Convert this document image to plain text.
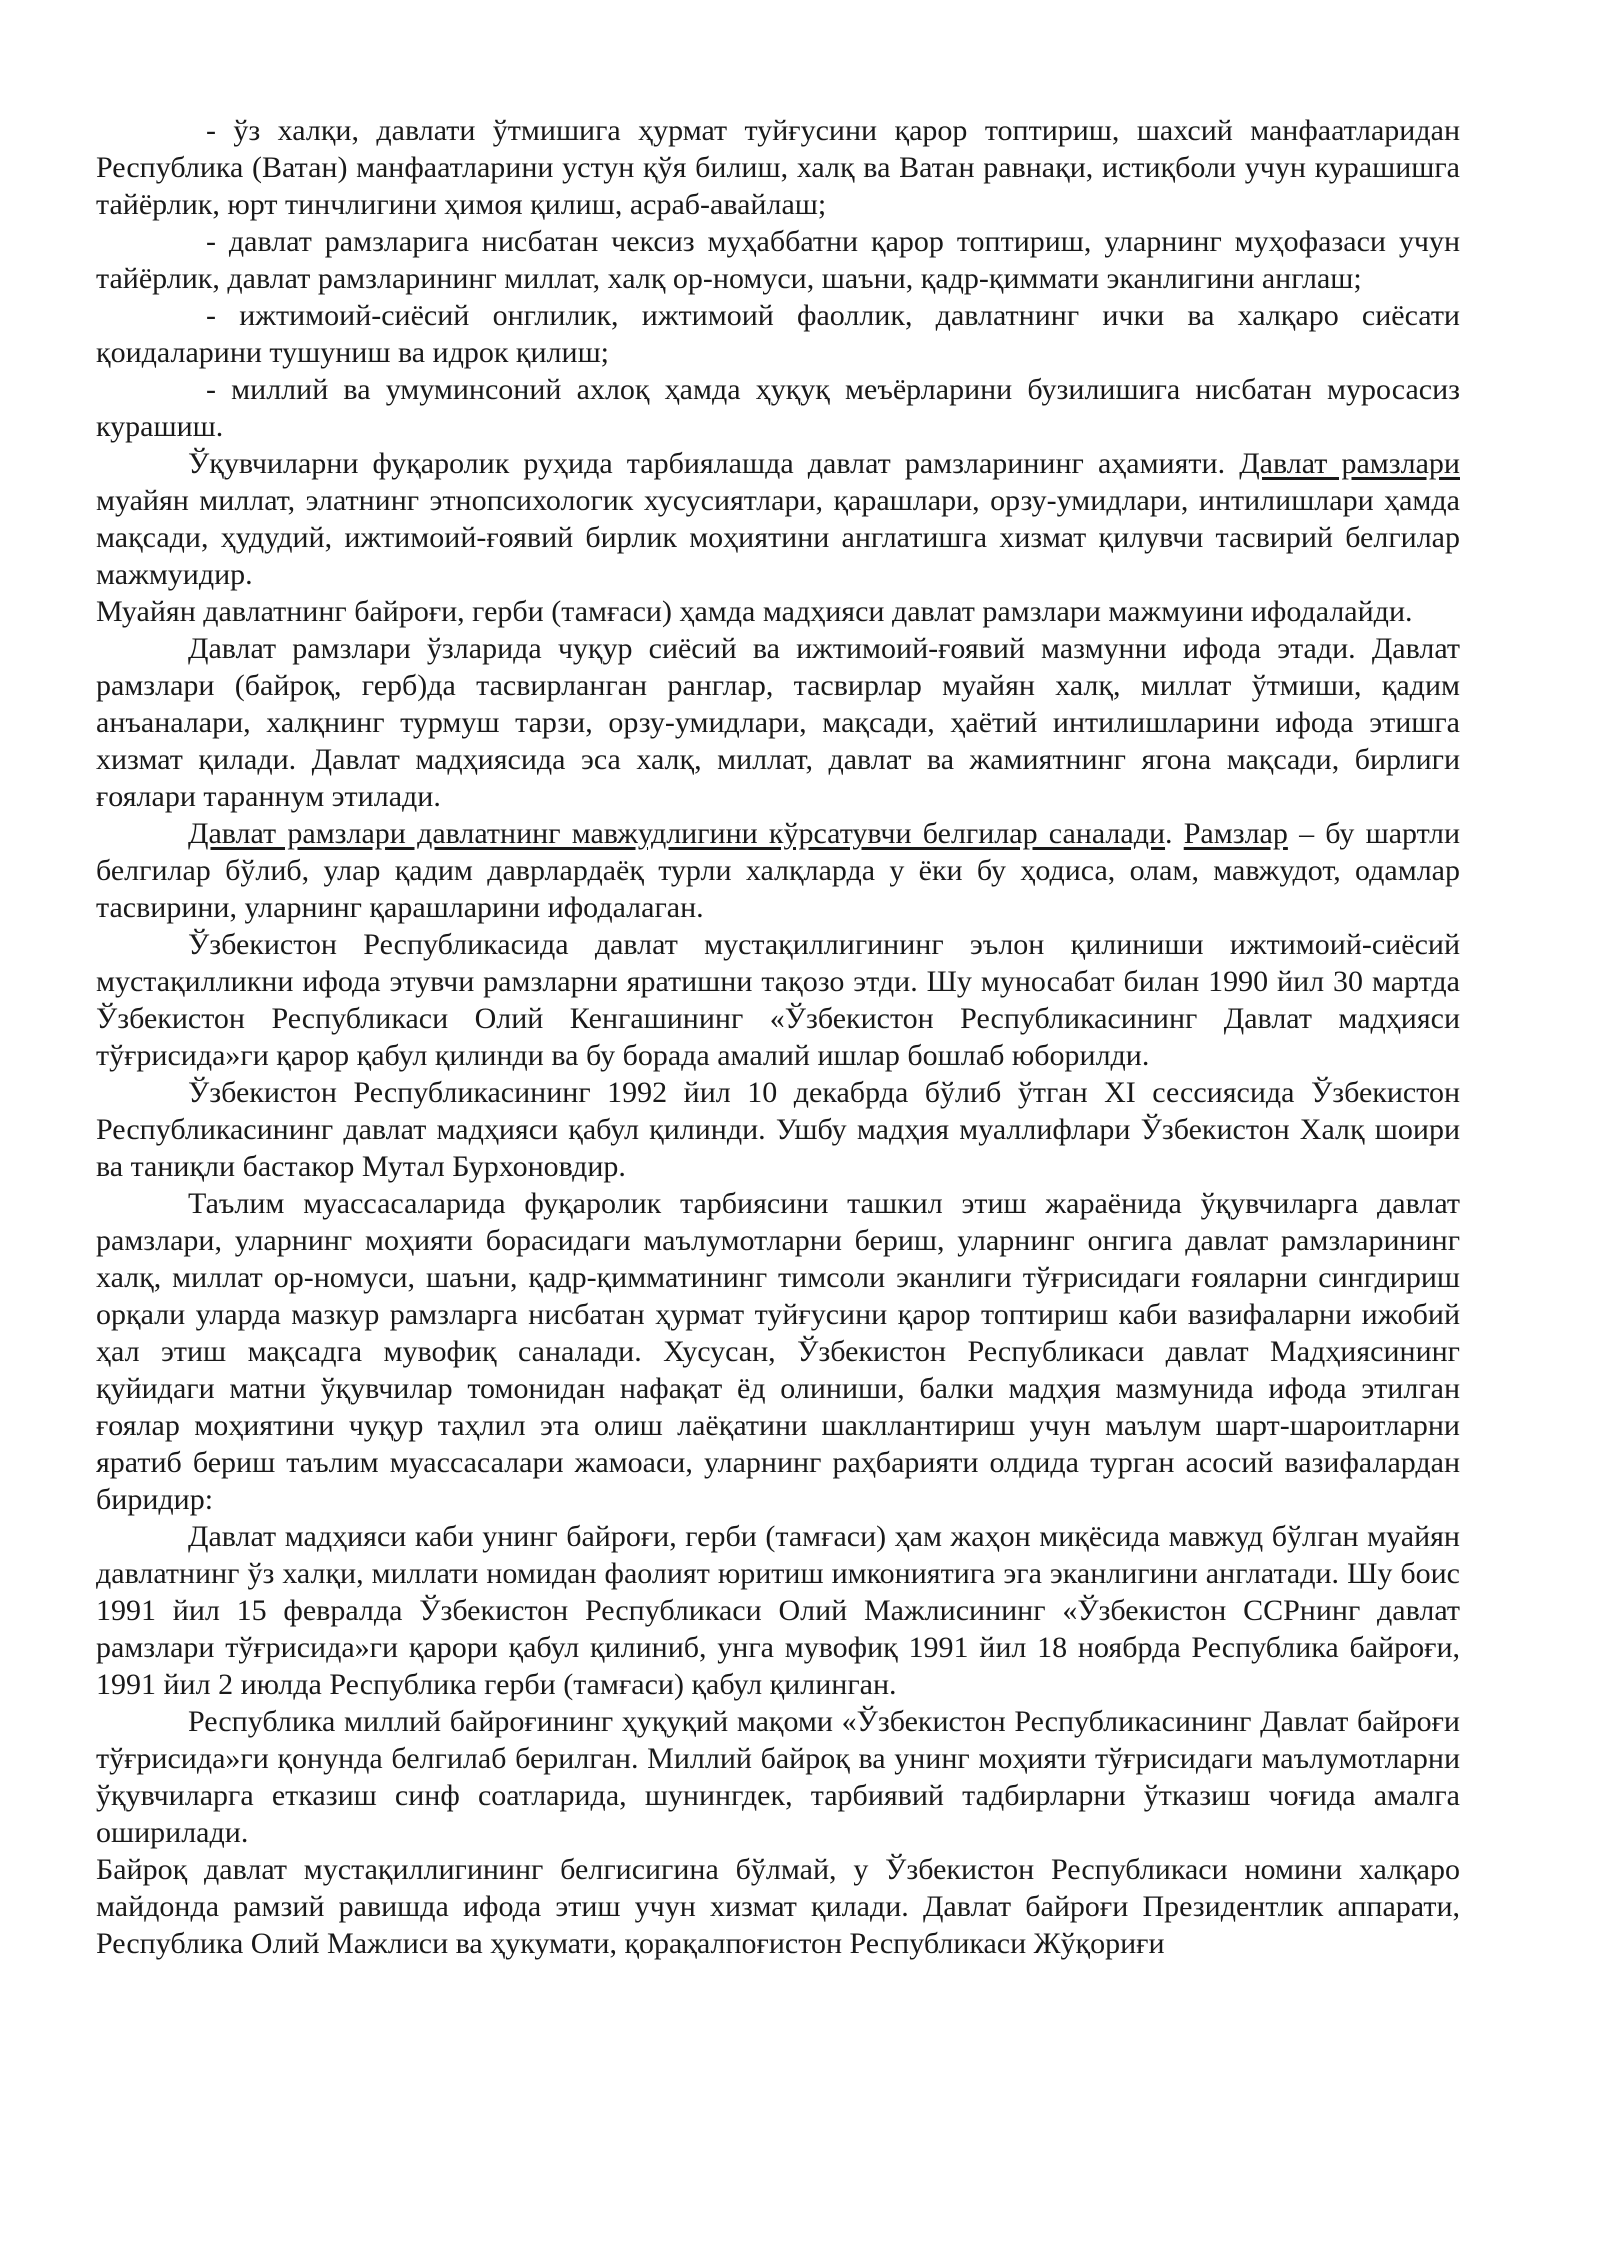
- ўз халқи, давлати ўтмишига ҳурмат туйғусини қарор топтириш, шахсий манфаатларидан Республика (Ватан) манфаатларини устун қўя билиш, халқ ва Ватан равнақи, истиқболи учун курашишга тайёрлик, юрт тинчлигини ҳимоя қилиш, асраб-авайлаш;

- давлат рамзларига нисбатан чексиз муҳаббатни қарор топтириш, уларнинг муҳофазаси учун тайёрлик, давлат рамзларининг миллат, халқ ор-номуси, шаъни, қадр-қиммати эканлигини англаш;

- ижтимоий-сиёсий онглилик, ижтимоий фаоллик, давлатнинг ички ва халқаро сиёсати қоидаларини тушуниш ва идрок қилиш;

- миллий ва умуминсоний ахлоқ ҳамда ҳуқуқ меъёрларини бузилишига нисбатан муросасиз курашиш.

Ўқувчиларни фуқаролик руҳида тарбиялашда давлат рамзларининг аҳамияти. Давлат рамзлари муайян миллат, элатнинг этнопсихологик хусусиятлари, қарашлари, орзу-умидлари, интилишлари ҳамда мақсади, ҳудудий, ижтимоий-ғоявий бирлик моҳиятини англатишга хизмат қилувчи тасвирий белгилар мажмуидир.

Муайян давлатнинг байроғи, герби (тамғаси) ҳамда мадҳияси давлат рамзлари мажмуини ифодалайди.

Давлат рамзлари ўзларида чуқур сиёсий ва ижтимоий-ғоявий мазмунни ифода этади. Давлат рамзлари (байроқ, герб)да тасвирланган ранглар, тасвирлар муайян халқ, миллат ўтмиши, қадим анъаналари, халқнинг турмуш тарзи, орзу-умидлари, мақсади, ҳаётий интилишларини ифода этишга хизмат қилади. Давлат мадҳиясида эса халқ, миллат, давлат ва жамиятнинг ягона мақсади, бирлиги ғоялари тараннум этилади.

Давлат рамзлари давлатнинг мавжудлигини кўрсатувчи белгилар саналади. Рамзлар – бу шартли белгилар бўлиб, улар қадим даврлардаёқ турли халқларда у ёки бу ҳодиса, олам, мавжудот, одамлар тасвирини, уларнинг қарашларини ифодалаган.

Ўзбекистон Республикасида давлат мустақиллигининг эълон қилиниши ижтимоий-сиёсий мустақилликни ифода этувчи рамзларни яратишни тақозо этди. Шу муносабат билан 1990 йил 30 мартда Ўзбекистон Республикаси Олий Кенгашининг «Ўзбекистон Республикасининг Давлат мадҳияси тўғрисида»ги қарор қабул қилинди ва бу борада амалий ишлар бошлаб юборилди.

Ўзбекистон Республикасининг 1992 йил 10 декабрда бўлиб ўтган XI сессиясида Ўзбекистон Республикасининг давлат мадҳияси қабул қилинди. Ушбу мадҳия муаллифлари Ўзбекистон Халқ шоири ва таниқли бастакор Мутал Бурхоновдир.

Таълим муассасаларида фуқаролик тарбиясини ташкил этиш жараёнида ўқувчиларга давлат рамзлари, уларнинг моҳияти борасидаги маълумотларни бериш, уларнинг онгига давлат рамзларининг халқ, миллат ор-номуси, шаъни, қадр-қимматининг тимсоли эканлиги тўғрисидаги ғояларни сингдириш орқали уларда мазкур рамзларга нисбатан ҳурмат туйғусини қарор топтириш каби вазифаларни ижобий ҳал этиш мақсадга мувофиқ саналади. Хусусан, Ўзбекистон Республикаси давлат Мадҳиясининг қуйидаги матни ўқувчилар томонидан нафақат ёд олиниши, балки мадҳия мазмунида ифода этилган ғоялар моҳиятини чуқур таҳлил эта олиш лаёқатини шакллантириш учун маълум шарт-шароитларни яратиб бериш таълим муассасалари жамоаси, уларнинг раҳбарияти олдида турган асосий вазифалардан биридир:

Давлат мадҳияси каби унинг байроғи, герби (тамғаси) ҳам жаҳон миқёсида мавжуд бўлган муайян давлатнинг ўз халқи, миллати номидан фаолият юритиш имкониятига эга эканлигини англатади. Шу боис 1991 йил 15 февралда Ўзбекистон Республикаси Олий Мажлисининг «Ўзбекистон ССРнинг давлат рамзлари тўғрисида»ги қарори қабул қилиниб, унга мувофиқ 1991 йил 18 ноябрда Республика байроғи, 1991 йил 2 июлда Республика герби (тамғаси) қабул қилинган.

Республика миллий байроғининг ҳуқуқий мақоми «Ўзбекистон Республикасининг Давлат байроғи тўғрисида»ги қонунда белгилаб берилган. Миллий байроқ ва унинг моҳияти тўғрисидаги маълумотларни ўқувчиларга етказиш синф соатларида, шунингдек, тарбиявий тадбирларни ўтказиш чоғида амалга оширилади.

Байроқ давлат мустақиллигининг белгисигина бўлмай, у Ўзбекистон Республикаси номини халқаро майдонда рамзий равишда ифода этиш учун хизмат қилади. Давлат байроғи Президентлик аппарати, Республика Олий Мажлиси ва ҳукумати, қорақалпоғистон Республикаси Жўқориғи
